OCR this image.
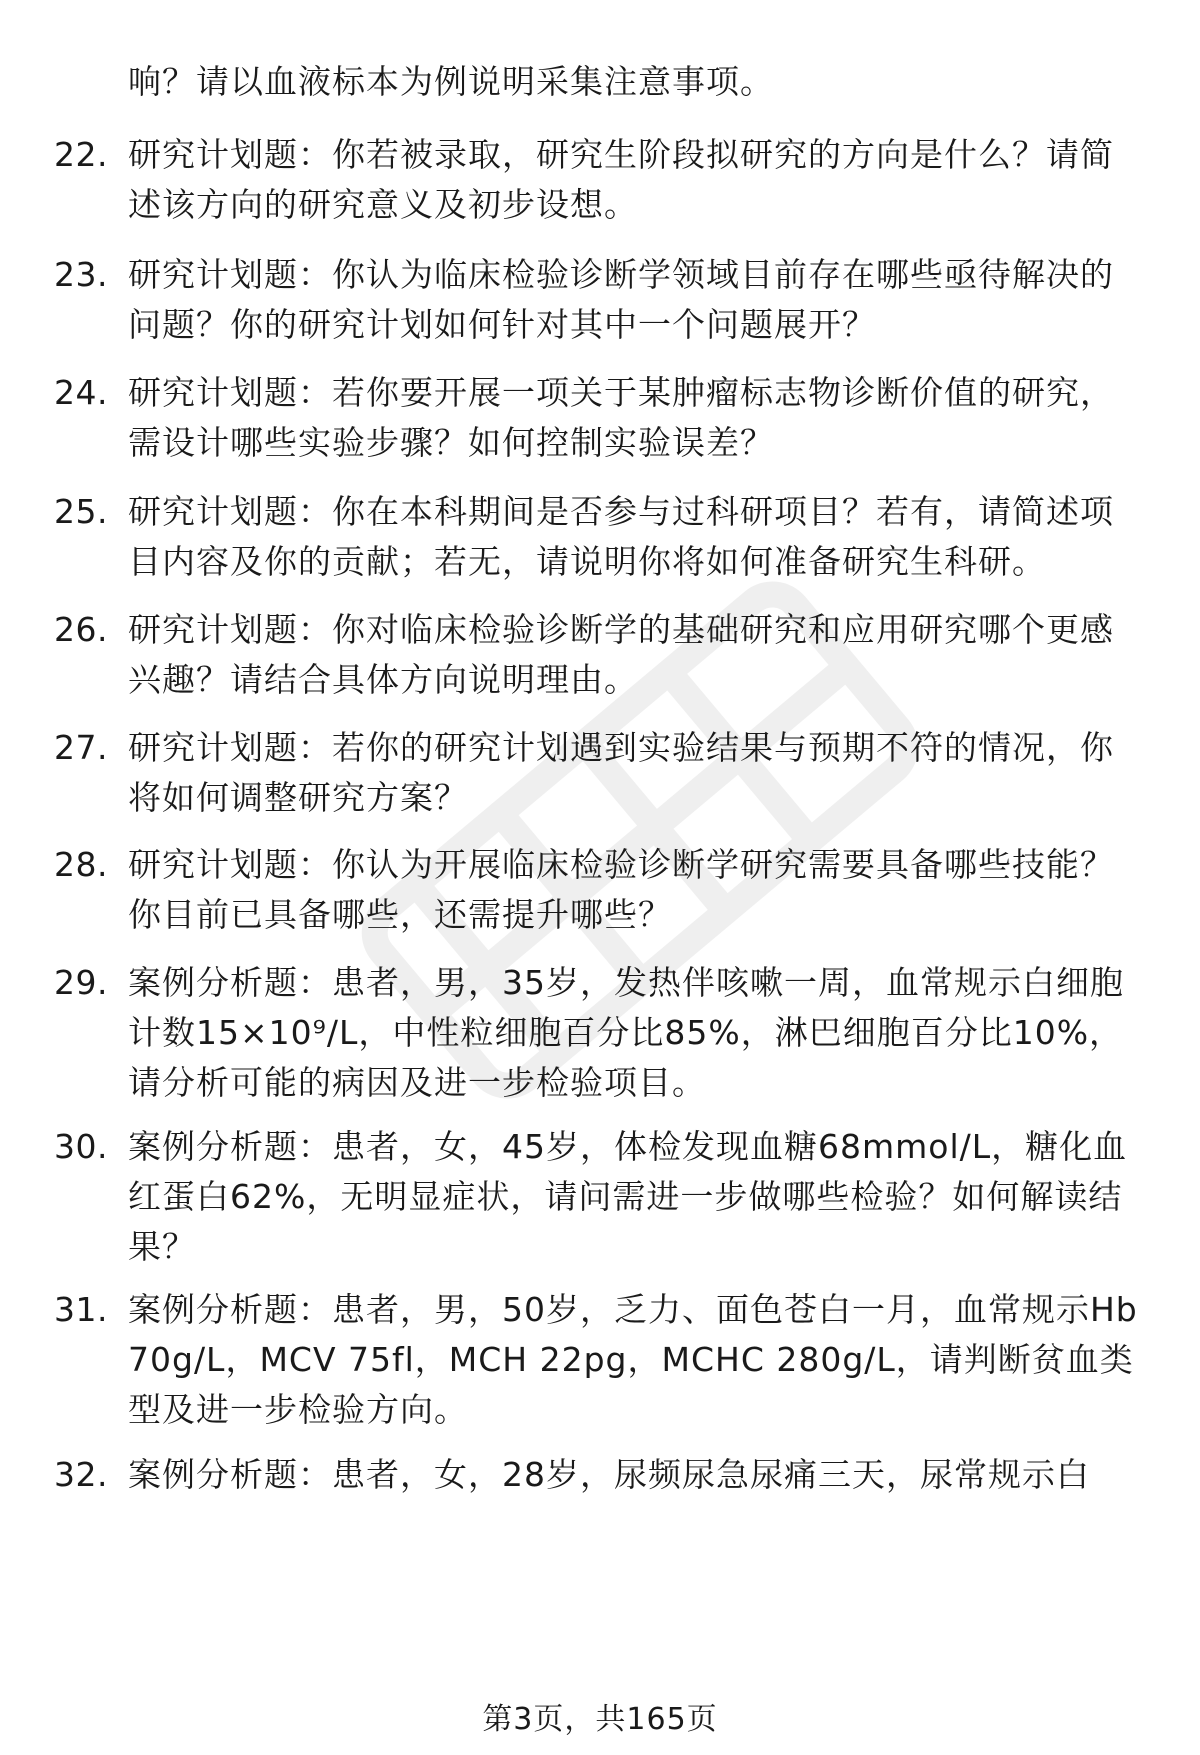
响？请以血液标本为例说明采集注意事项。
22. 研究计划题：你若被录取，研究生阶段拟研究的方向是什么？请简述该方向的研究意义及初步设想。
23. 研究计划题：你认为临床检验诊断学领域目前存在哪些亟待解决的问题？你的研究计划如何针对其中一个问题展开？
24. 研究计划题：若你要开展一项关于某肿瘤标志物诊断价值的研究，需设计哪些实验步骤？如何控制实验误差？
25. 研究计划题：你在本科期间是否参与过科研项目？若有，请简述项目内容及你的贡献；若无，请说明你将如何准备研究生科研。
26. 研究计划题：你对临床检验诊断学的基础研究和应用研究哪个更感兴趣？请结合具体方向说明理由。
27. 研究计划题：若你的研究计划遇到实验结果与预期不符的情况，你将如何调整研究方案？
28. 研究计划题：你认为开展临床检验诊断学研究需要具备哪些技能？你目前已具备哪些，还需提升哪些？
29. 案例分析题：患者，男，35岁，发热伴咳嗽一周，血常规示白细胞计数15×10⁹/L，中性粒细胞百分比85%，淋巴细胞百分比10%，请分析可能的病因及进一步检验项目。
30. 案例分析题：患者，女，45岁，体检发现血糖68mmol/L，糖化血红蛋白62%，无明显症状，请问需进一步做哪些检验？如何解读结果？
31. 案例分析题：患者，男，50岁，乏力、面色苍白一月，血常规示Hb 70g/L，MCV 75fl，MCH 22pg，MCHC 280g/L，请判断贫血类型及进一步检验方向。
32. 案例分析题：患者，女，28岁，尿频尿急尿痛三天，尿常规示白
第3页，共165页
